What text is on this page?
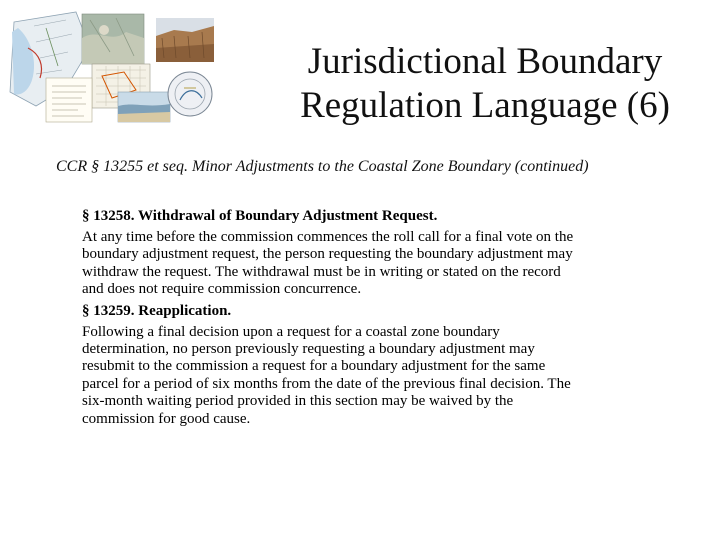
Jurisdictional Boundary
Regulation Language (6)
CCR § 13255 et seq. Minor Adjustments to the Coastal Zone Boundary (continued)
§ 13258. Withdrawal of Boundary Adjustment Request.
At any time before the commission commences the roll call for a final vote on the
boundary adjustment request, the person requesting the boundary adjustment may
withdraw the request. The withdrawal must be in writing or stated on the record
and does not require commission concurrence.
§ 13259. Reapplication.
Following a final decision upon a request for a coastal zone boundary
determination, no person previously requesting a boundary adjustment may
resubmit to the commission a request for a boundary adjustment for the same
parcel for a period of six months from the date of the previous final decision. The
six-month waiting period provided in this section may be waived by the
commission for good cause.
